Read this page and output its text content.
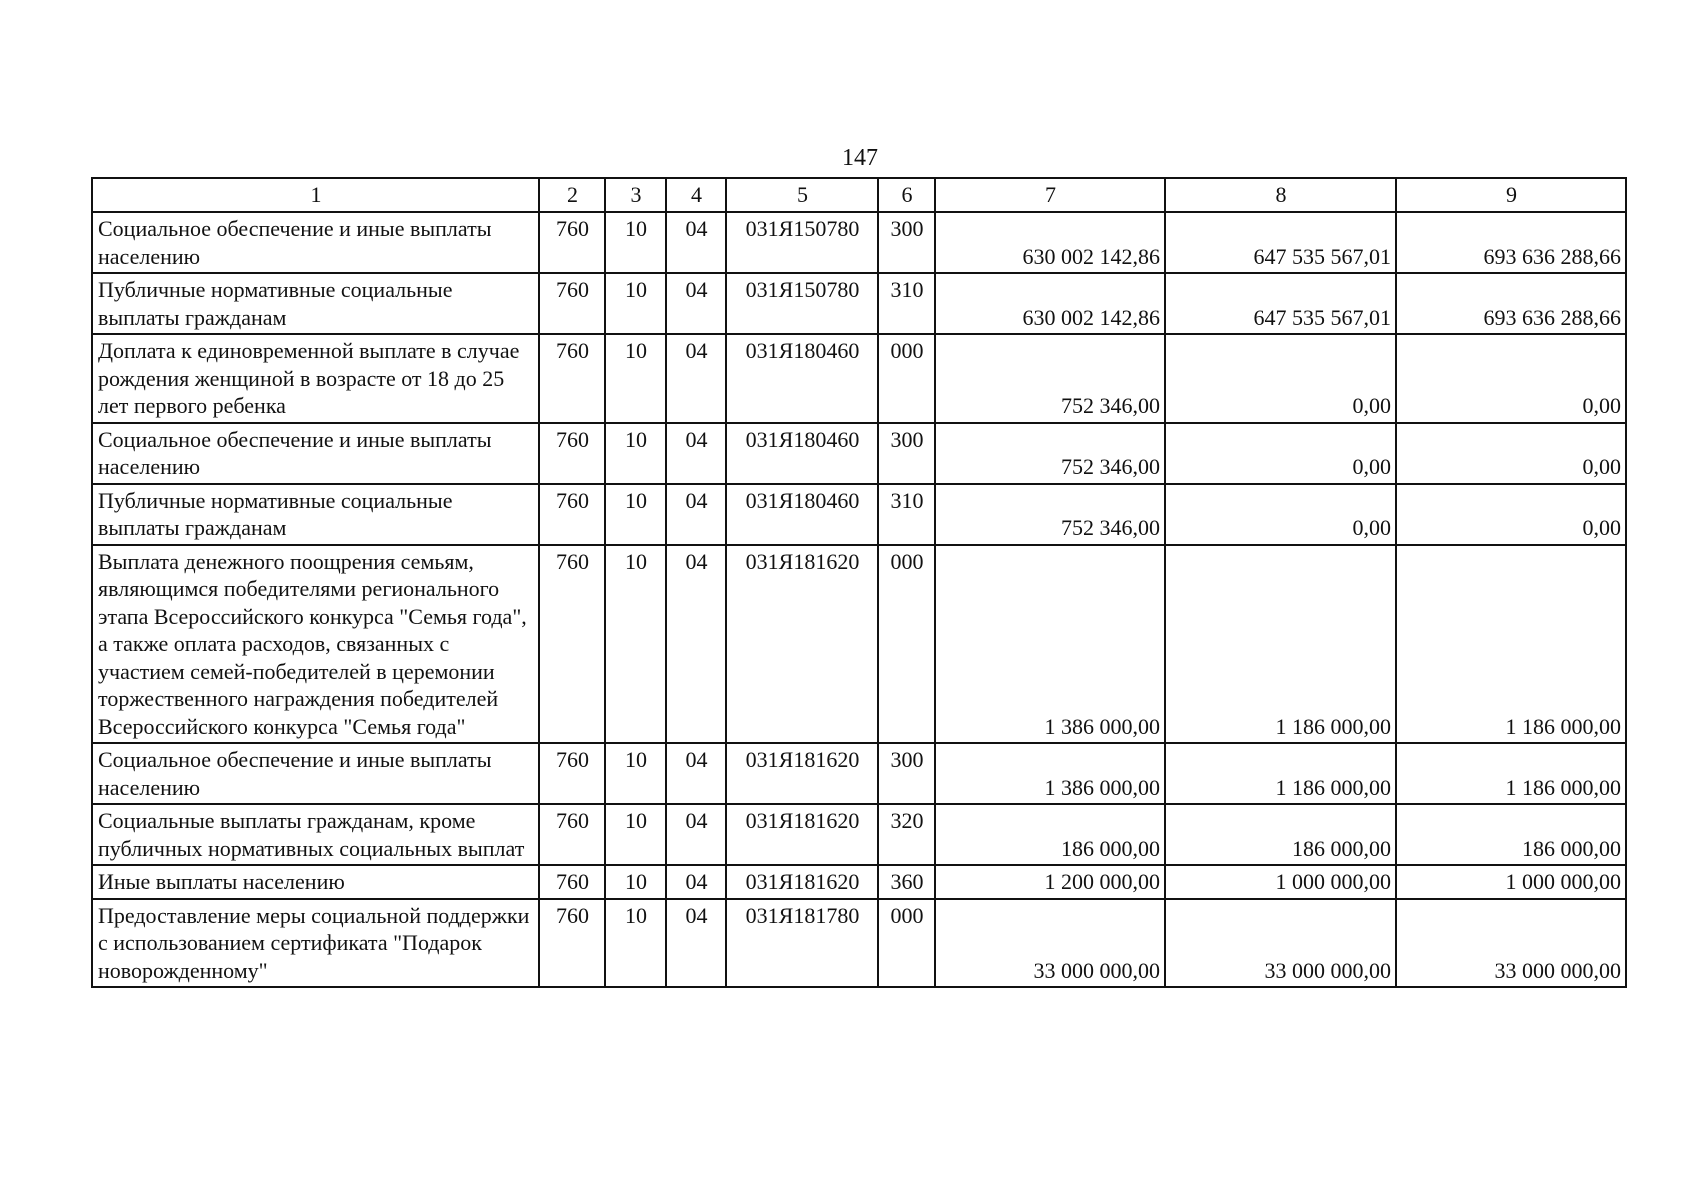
147
1	2	3	4	5	6	7	8	9
Социальное обеспечение и иные выплаты населению	760	10	04	031Я150780	300	630 002 142,86	647 535 567,01	693 636 288,66
Публичные нормативные социальные выплаты гражданам	760	10	04	031Я150780	310	630 002 142,86	647 535 567,01	693 636 288,66
Доплата к единовременной выплате в случае рождения женщиной в возрасте от 18 до 25 лет первого ребенка	760	10	04	031Я180460	000	752 346,00	0,00	0,00
Социальное обеспечение и иные выплаты населению	760	10	04	031Я180460	300	752 346,00	0,00	0,00
Публичные нормативные социальные выплаты гражданам	760	10	04	031Я180460	310	752 346,00	0,00	0,00
Выплата денежного поощрения семьям, являющимся победителями регионального этапа Всероссийского конкурса "Семья года", а также оплата расходов, связанных с участием семей-победителей в церемонии торжественного награждения победителей Всероссийского конкурса "Семья года"	760	10	04	031Я181620	000	1 386 000,00	1 186 000,00	1 186 000,00
Социальное обеспечение и иные выплаты населению	760	10	04	031Я181620	300	1 386 000,00	1 186 000,00	1 186 000,00
Социальные выплаты гражданам, кроме публичных нормативных социальных выплат	760	10	04	031Я181620	320	186 000,00	186 000,00	186 000,00
Иные выплаты населению	760	10	04	031Я181620	360	1 200 000,00	1 000 000,00	1 000 000,00
Предоставление меры социальной поддержки с использованием сертификата "Подарок новорожденному"	760	10	04	031Я181780	000	33 000 000,00	33 000 000,00	33 000 000,00
